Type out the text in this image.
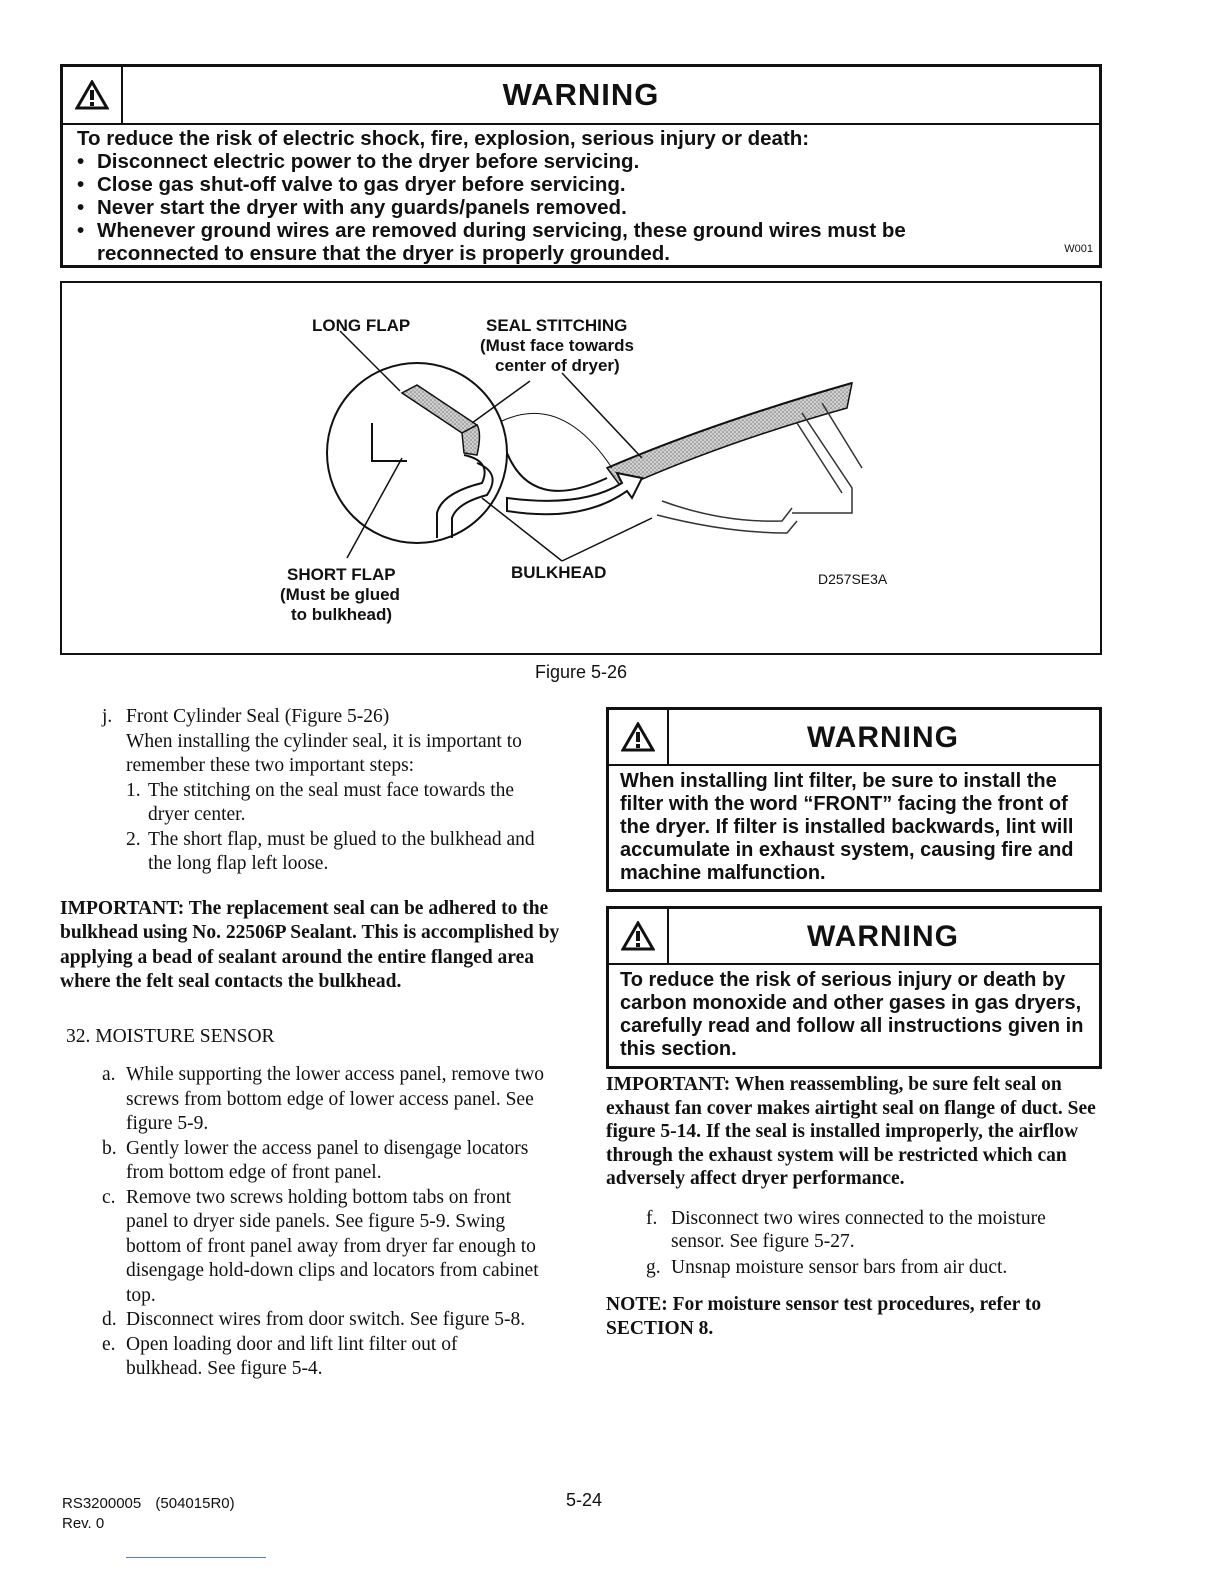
WARNING

To reduce the risk of electric shock, fire, explosion, serious injury or death:

• Disconnect electric power to the dryer before servicing.
• Close gas shut-off valve to gas dryer before servicing.
• Never start the dryer with any guards/panels removed.
• Whenever ground wires are removed during servicing, these ground wires must be reconnected to ensure that the dryer is properly grounded.	W001
LONG FLAP	SEAL STITCHING
(Must face towards
center of dryer)
SHORT FLAP
(Must be glued
to bulkhead)
BULKHEAD	D257SE3A
Figure 5-26
j. Front Cylinder Seal (Figure 5-26)

When installing the cylinder seal, it is important to remember these two important steps:

1. The stitching on the seal must face towards the dryer center.

2. The short flap, must be glued to the bulkhead and the long flap left loose.

IMPORTANT: The replacement seal can be adhered to the bulkhead using No. 22506P Sealant. This is accomplished by applying a bead of sealant around the entire flanged area where the felt seal contacts the bulkhead.

32. MOISTURE SENSOR

a. While supporting the lower access panel, remove two screws from bottom edge of lower access panel. See figure 5-9.

b. Gently lower the access panel to disengage locators from bottom edge of front panel.

c. Remove two screws holding bottom tabs on front panel to dryer side panels. See figure 5-9. Swing bottom of front panel away from dryer far enough to disengage hold-down clips and locators from cabinet top.

d. Disconnect wires from door switch. See figure 5-8.

e. Open loading door and lift lint filter out of bulkhead. See figure 5-4.

WARNING

When installing lint filter, be sure to install the filter with the word “FRONT” facing the front of the dryer. If filter is installed backwards, lint will accumulate in exhaust system, causing fire and machine malfunction.

WARNING

To reduce the risk of serious injury or death by carbon monoxide and other gases in gas dryers, carefully read and follow all instructions given in this section.

IMPORTANT: When reassembling, be sure felt seal on exhaust fan cover makes airtight seal on flange of duct. See figure 5-14. If the seal is installed improperly, the airflow through the exhaust system will be restricted which can adversely affect dryer performance.

f. Disconnect two wires connected to the moisture sensor. See figure 5-27.

g. Unsnap moisture sensor bars from air duct.

NOTE: For moisture sensor test procedures, refer to SECTION 8.

RS3200005 (504015R0)
Rev. 0
5-24
